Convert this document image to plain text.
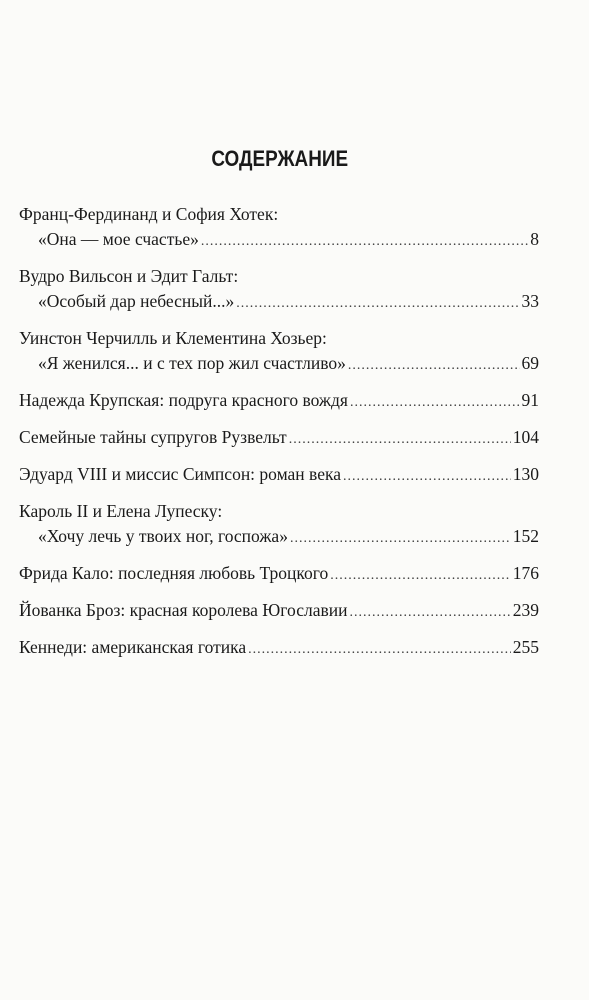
СОДЕРЖАНИЕ
Франц-Фердинанд и София Хотек:
«Она — мое счастье» .....	8
Вудро Вильсон и Эдит Гальт:
«Особый дар небесный...» .....	33
Уинстон Черчилль и Клементина Хозьер:
«Я женился... и с тех пор жил счастливо» .....	69
Надежда Крупская: подруга красного вождя .....	91
Семейные тайны супругов Рузвельт .....	104
Эдуард VIII и миссис Симпсон: роман века .....	130
Кароль II и Елена Лупеску:
«Хочу лечь у твоих ног, госпожа» .....	152
Фрида Кало: последняя любовь Троцкого .....	176
Йованка Броз: красная королева Югославии .....	239
Кеннеди: американская готика .....	255
